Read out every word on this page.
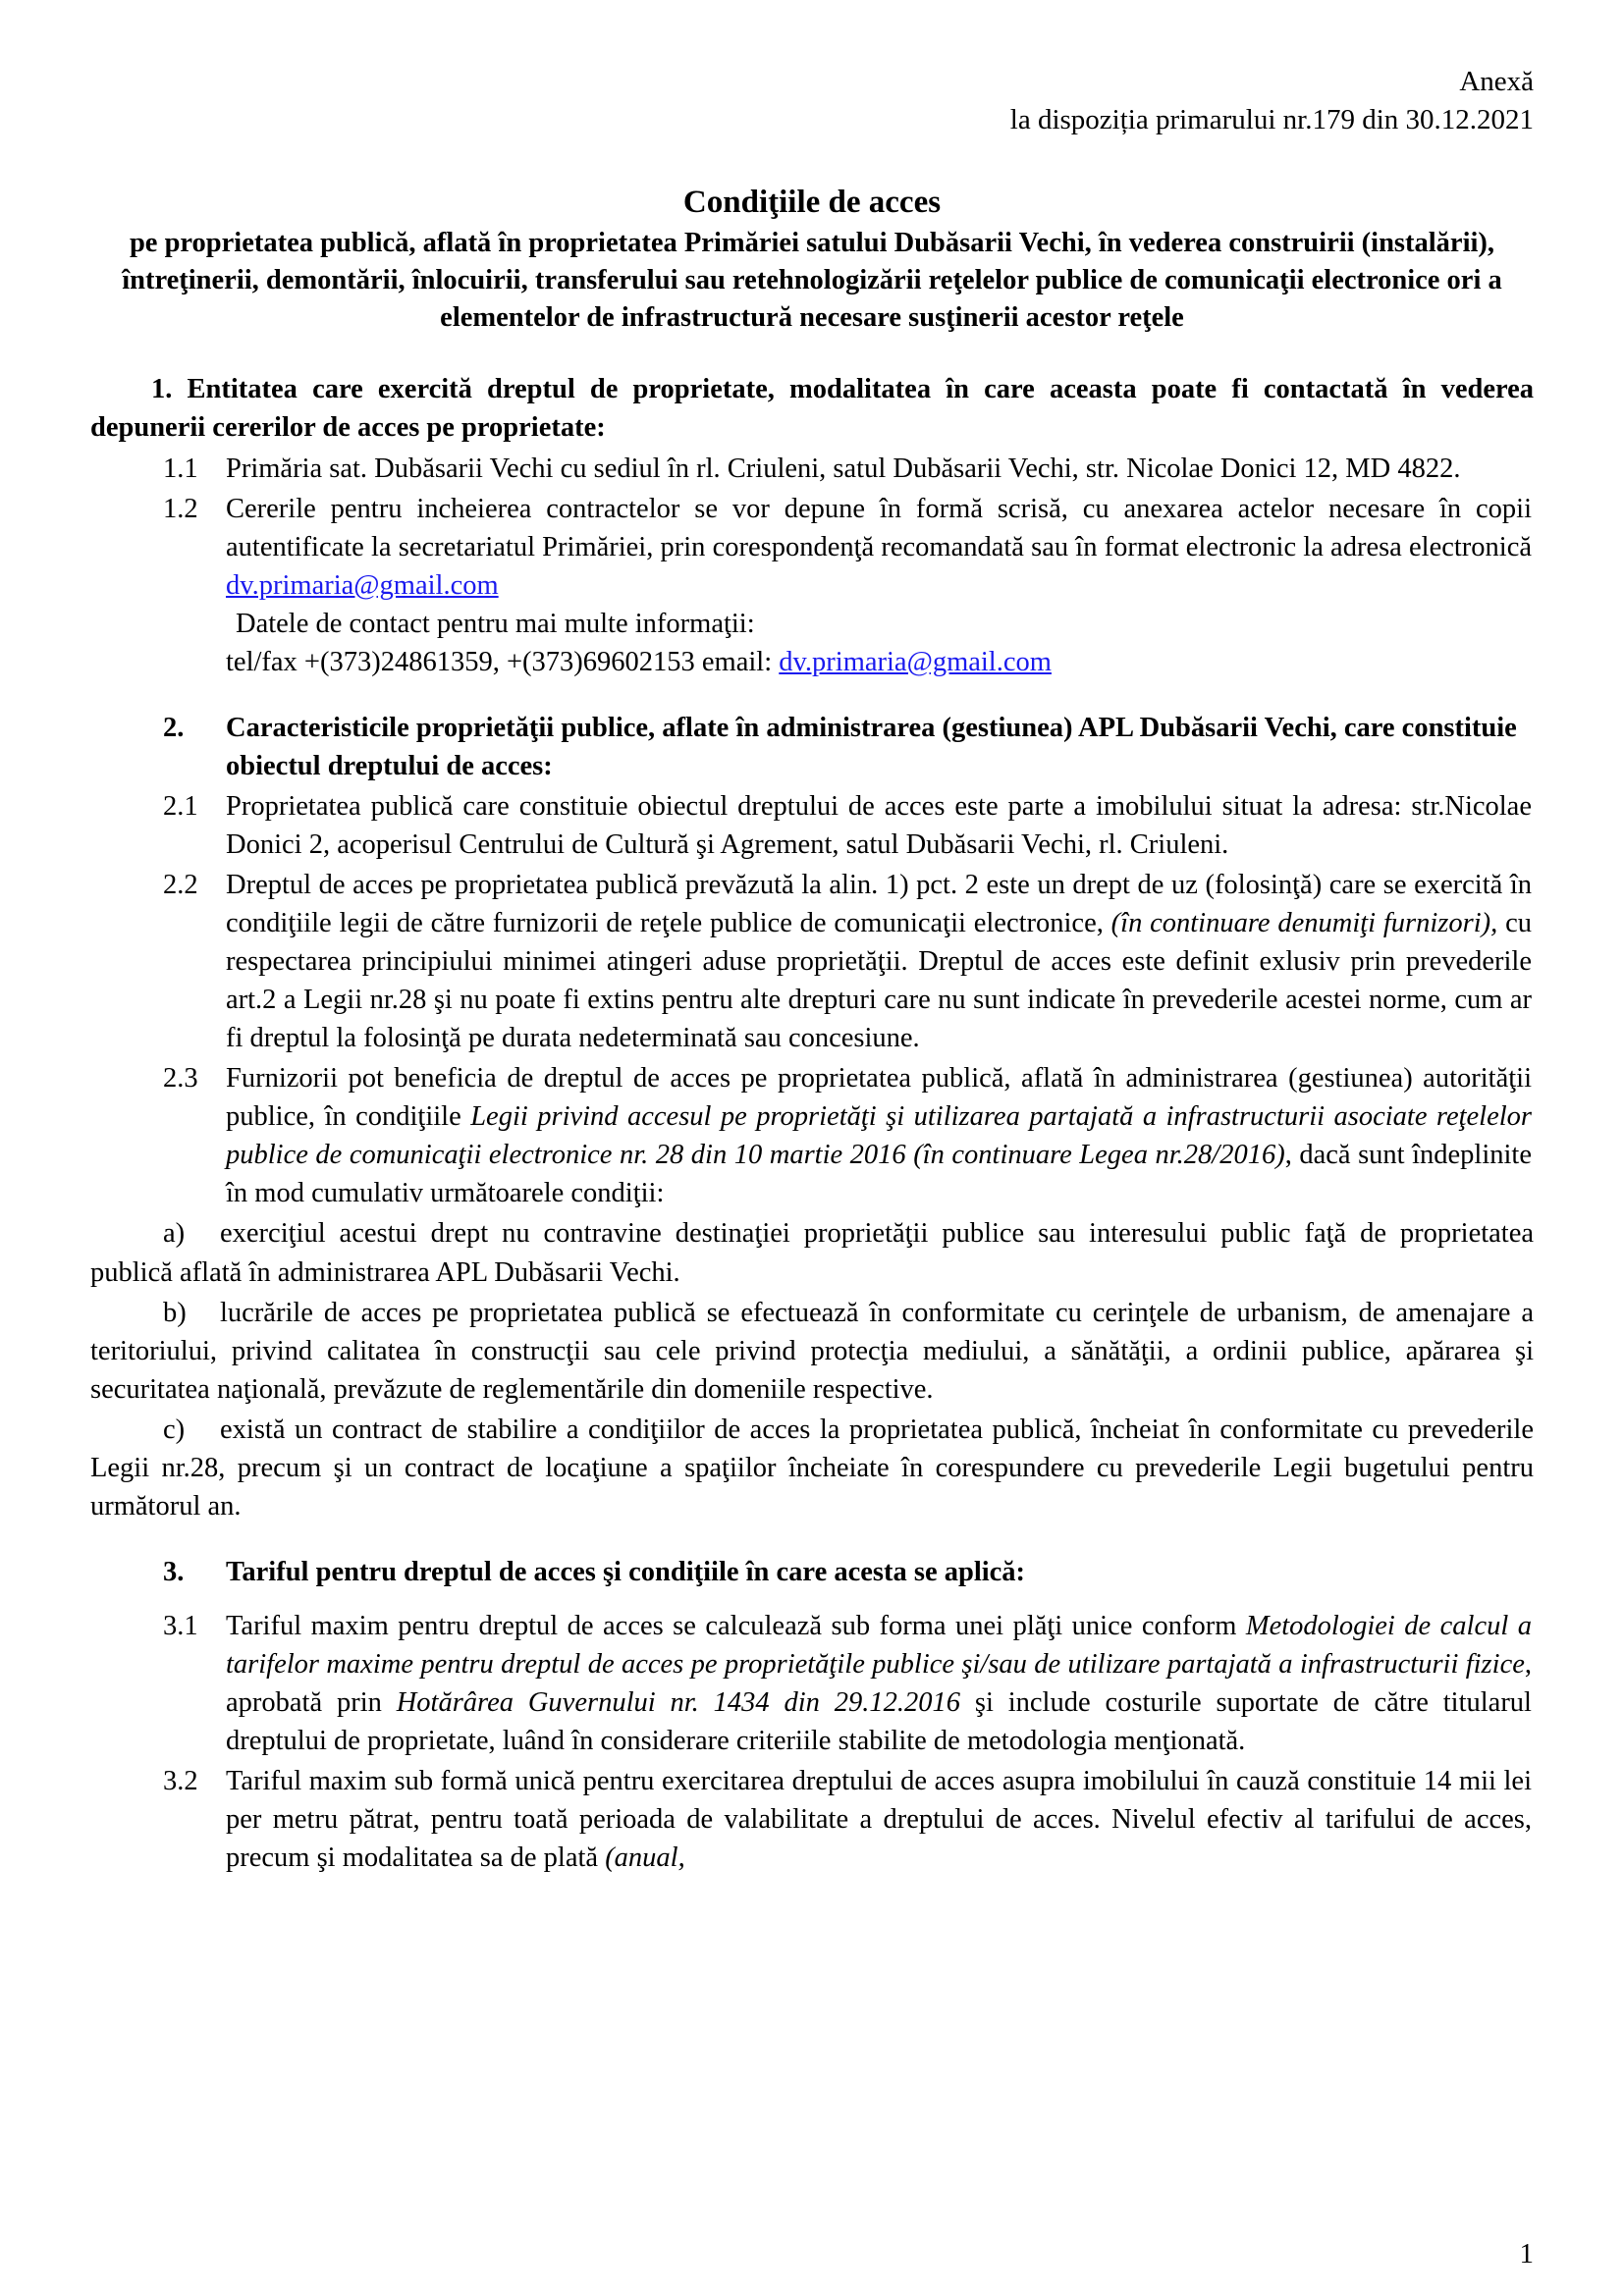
Anexă
la dispoziția primarului nr.179 din 30.12.2021
Condiţiile de acces
pe proprietatea publică, aflată în proprietatea Primăriei satului Dubăsarii Vechi, în vederea construirii (instalării), întreţinerii, demontării, înlocuirii, transferului sau retehnologizării reţelelor publice de comunicaţii electronice ori a elementelor de infrastructură necesare susţinerii acestor reţele
1. Entitatea care exercită dreptul de proprietate, modalitatea în care aceasta poate fi contactată în vederea depunerii cererilor de acces pe proprietate:
1.1 Primăria sat. Dubăsarii Vechi cu sediul în rl. Criuleni, satul Dubăsarii Vechi, str. Nicolae Donici 12, MD 4822.
1.2 Cererile pentru incheierea contractelor se vor depune în formă scrisă, cu anexarea actelor necesare în copii autentificate la secretariatul Primăriei, prin corespondenţă recomandată sau în format electronic la adresa electronică dv.primaria@gmail.com
Datele de contact pentru mai multe informaţii:
tel/fax +(373)24861359, +(373)69602153 email: dv.primaria@gmail.com
2.	Caracteristicile proprietăţii publice, aflate în administrarea (gestiunea) APL Dubăsarii Vechi, care constituie obiectul dreptului de acces:
2.1 Proprietatea publică care constituie obiectul dreptului de acces este parte a imobilului situat la adresa: str.Nicolae Donici 2, acoperisul Centrului de Cultură şi Agrement, satul Dubăsarii Vechi, rl. Criuleni.
2.2 Dreptul de acces pe proprietatea publică prevăzută la alin. 1) pct. 2 este un drept de uz (folosinţă) care se exercită în condiţiile legii de către furnizorii de reţele publice de comunicaţii electronice, (în continuare denumiţi furnizori), cu respectarea principiului minimei atingeri aduse proprietăţii. Dreptul de acces este definit exlusiv prin prevederile art.2 a Legii nr.28 şi nu poate fi extins pentru alte drepturi care nu sunt indicate în prevederile acestei norme, cum ar fi dreptul la folosinţă pe durata nedeterminată sau concesiune.
2.3 Furnizorii pot beneficia de dreptul de acces pe proprietatea publică, aflată în administrarea (gestiunea) autorităţii publice, în condiţiile Legii privind accesul pe proprietăţi şi utilizarea partajată a infrastructurii asociate reţelelor publice de comunicaţii electronice nr. 28 din 10 martie 2016 (în continuare Legea nr.28/2016), dacă sunt îndeplinite în mod cumulativ următoarele condiţii:
a) exerciţiul acestui drept nu contravine destinaţiei proprietăţii publice sau interesului public faţă de proprietatea publică aflată în administrarea APL Dubăsarii Vechi.
b) lucrările de acces pe proprietatea publică se efectuează în conformitate cu cerinţele de urbanism, de amenajare a teritoriului, privind calitatea în construcţii sau cele privind protecţia mediului, a sănătăţii, a ordinii publice, apărarea şi securitatea naţională, prevăzute de reglementările din domeniile respective.
c) există un contract de stabilire a condiţiilor de acces la proprietatea publică, încheiat în conformitate cu prevederile Legii nr.28, precum şi un contract de locaţiune a spaţiilor încheiate în corespundere cu prevederile Legii bugetului pentru următorul an.
3.	Tariful pentru dreptul de acces şi condiţiile în care acesta se aplică:
3.1 Tariful maxim pentru dreptul de acces se calculează sub forma unei plăţi unice conform Metodologiei de calcul a tarifelor maxime pentru dreptul de acces pe proprietăţile publice şi/sau de utilizare partajată a infrastructurii fizice, aprobată prin Hotărârea Guvernului nr. 1434 din 29.12.2016 şi include costurile suportate de către titularul dreptului de proprietate, luând în considerare criteriile stabilite de metodologia menţionată.
3.2 Tariful maxim sub formă unică pentru exercitarea dreptului de acces asupra imobilului în cauză constituie 14 mii lei per metru pătrat, pentru toată perioada de valabilitate a dreptului de acces. Nivelul efectiv al tarifului de acces, precum şi modalitatea sa de plată (anual,
1
